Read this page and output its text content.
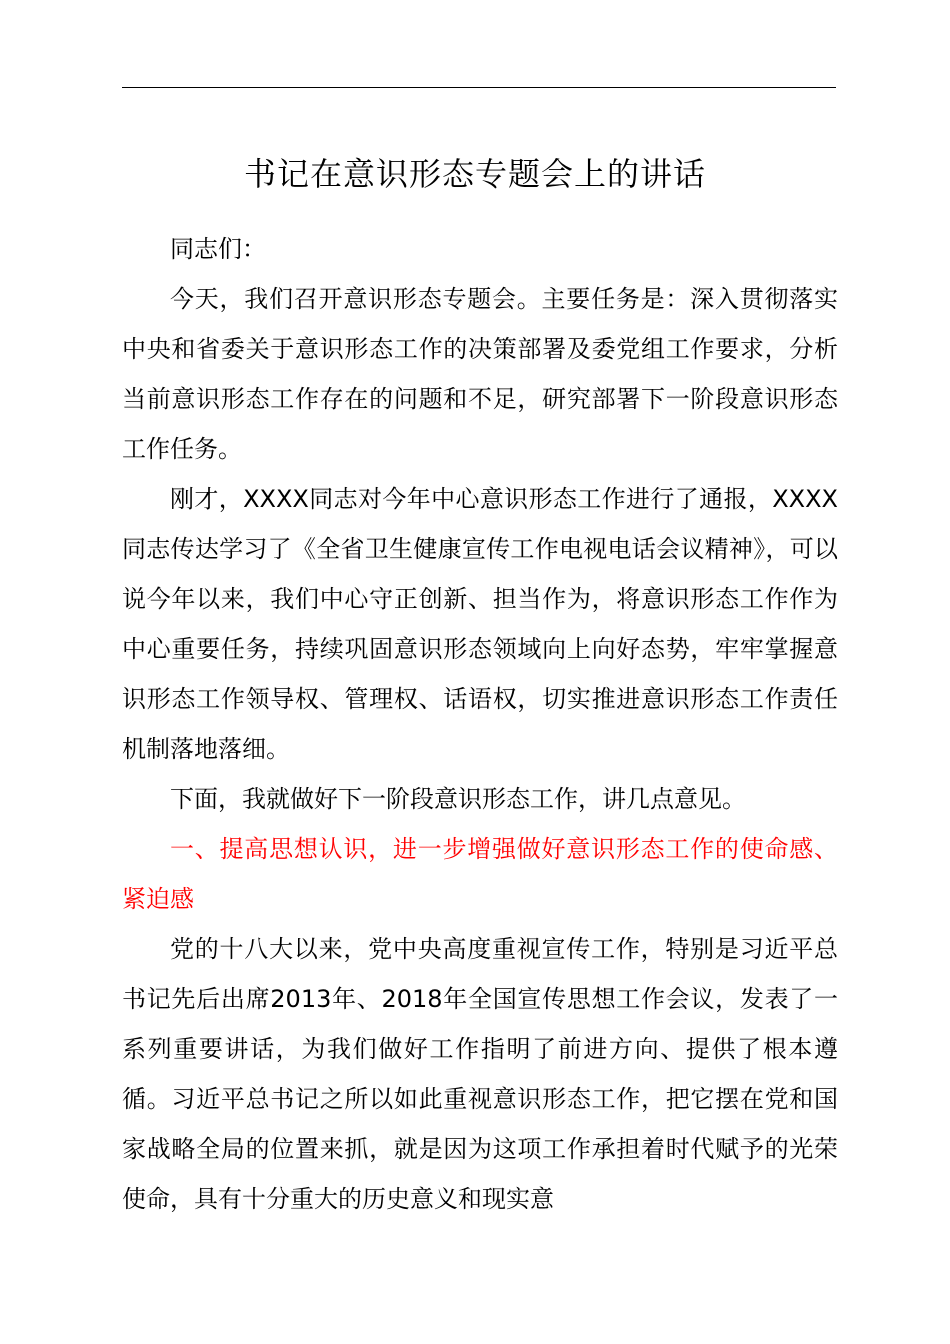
书记在意识形态专题会上的讲话

同志们：

今天，我们召开意识形态专题会。主要任务是：深入贯彻落实中央和省委关于意识形态工作的决策部署及委党组工作要求，分析当前意识形态工作存在的问题和不足，研究部署下一阶段意识形态工作任务。

刚才，XXXX同志对今年中心意识形态工作进行了通报，XXXX同志传达学习了《全省卫生健康宣传工作电视电话会议精神》，可以说今年以来，我们中心守正创新、担当作为，将意识形态工作作为中心重要任务，持续巩固意识形态领域向上向好态势，牢牢掌握意识形态工作领导权、管理权、话语权，切实推进意识形态工作责任机制落地落细。

下面，我就做好下一阶段意识形态工作，讲几点意见。

一、提高思想认识，进一步增强做好意识形态工作的使命感、紧迫感

党的十八大以来，党中央高度重视宣传工作，特别是习近平总书记先后出席2013年、2018年全国宣传思想工作会议，发表了一系列重要讲话，为我们做好工作指明了前进方向、提供了根本遵循。习近平总书记之所以如此重视意识形态工作，把它摆在党和国家战略全局的位置来抓，就是因为这项工作承担着时代赋予的光荣使命，具有十分重大的历史意义和现实意
